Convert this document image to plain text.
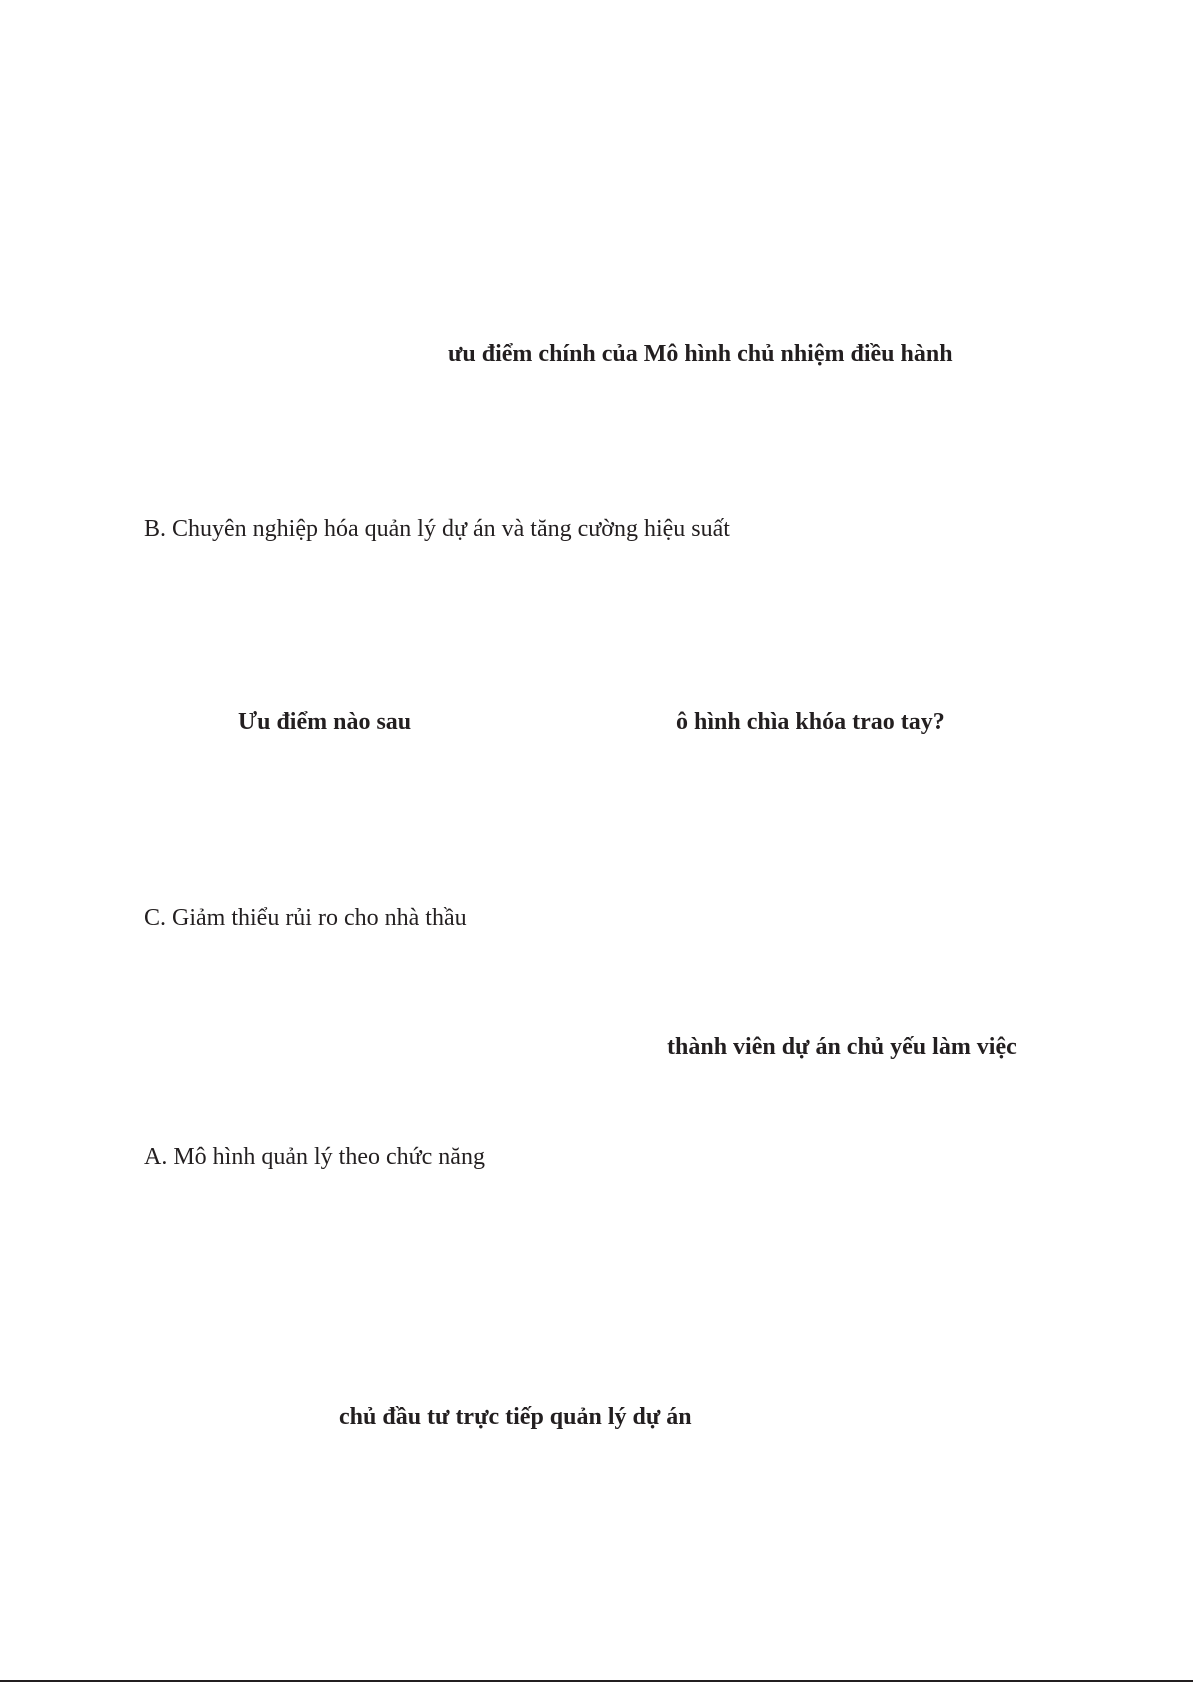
ưu điểm chính của Mô hình chủ nhiệm điều hành
B. Chuyên nghiệp hóa quản lý dự án và tăng cường hiệu suất
Ưu điểm nào sau	ô hình chìa khóa trao tay?
C. Giảm thiểu rủi ro cho nhà thầu
thành viên dự án chủ yếu làm việc
A. Mô hình quản lý theo chức năng
chủ đầu tư trực tiếp quản lý dự án
